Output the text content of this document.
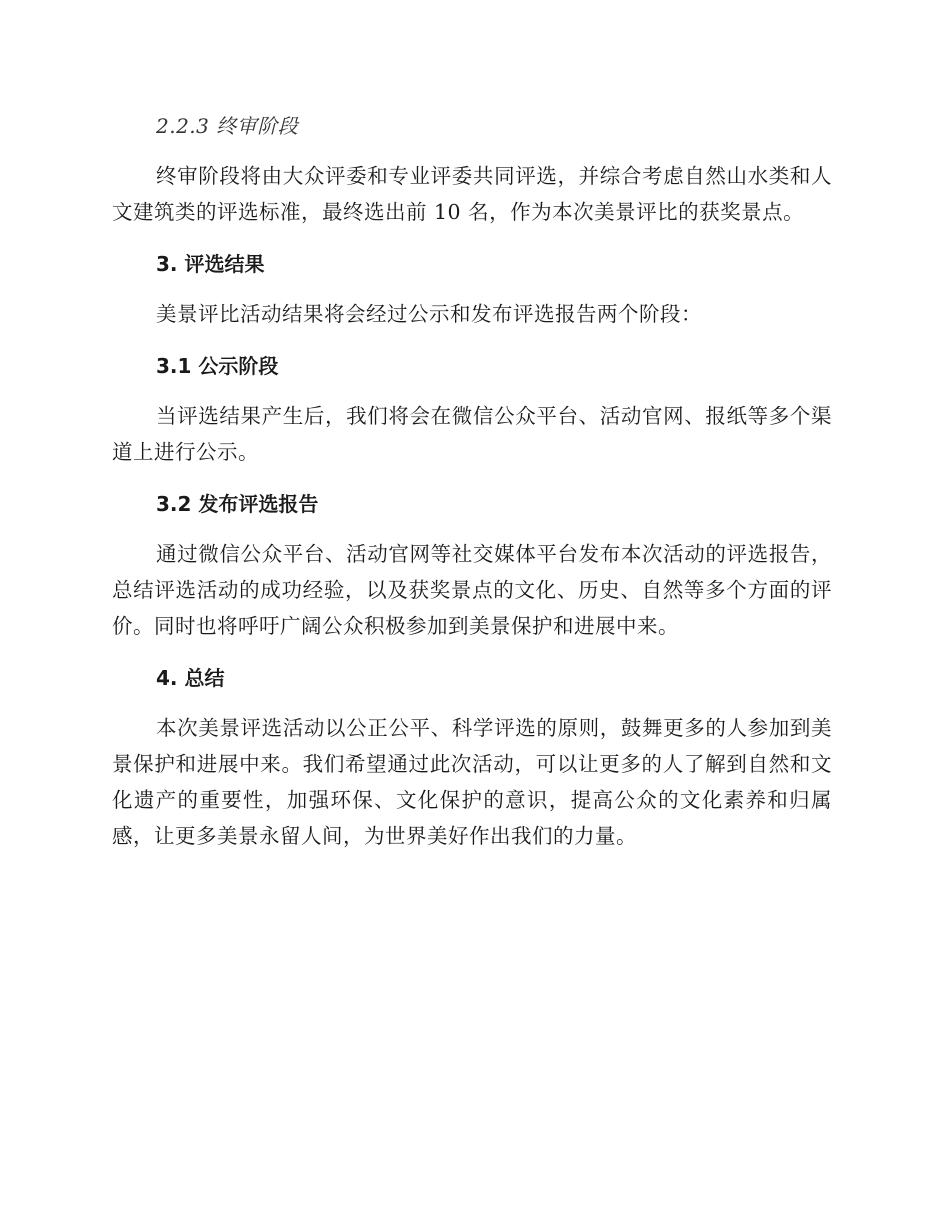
2.2.3 终审阶段

终审阶段将由大众评委和专业评委共同评选，并综合考虑自然山水类和人文建筑类的评选标准，最终选出前 10 名，作为本次美景评比的获奖景点。

3. 评选结果

美景评比活动结果将会经过公示和发布评选报告两个阶段：

3.1 公示阶段

当评选结果产生后，我们将会在微信公众平台、活动官网、报纸等多个渠道上进行公示。

3.2 发布评选报告

通过微信公众平台、活动官网等社交媒体平台发布本次活动的评选报告，总结评选活动的成功经验，以及获奖景点的文化、历史、自然等多个方面的评价。同时也将呼吁广阔公众积极参加到美景保护和进展中来。

4. 总结

本次美景评选活动以公正公平、科学评选的原则，鼓舞更多的人参加到美景保护和进展中来。我们希望通过此次活动，可以让更多的人了解到自然和文化遗产的重要性，加强环保、文化保护的意识，提高公众的文化素养和归属感，让更多美景永留人间，为世界美好作出我们的力量。
